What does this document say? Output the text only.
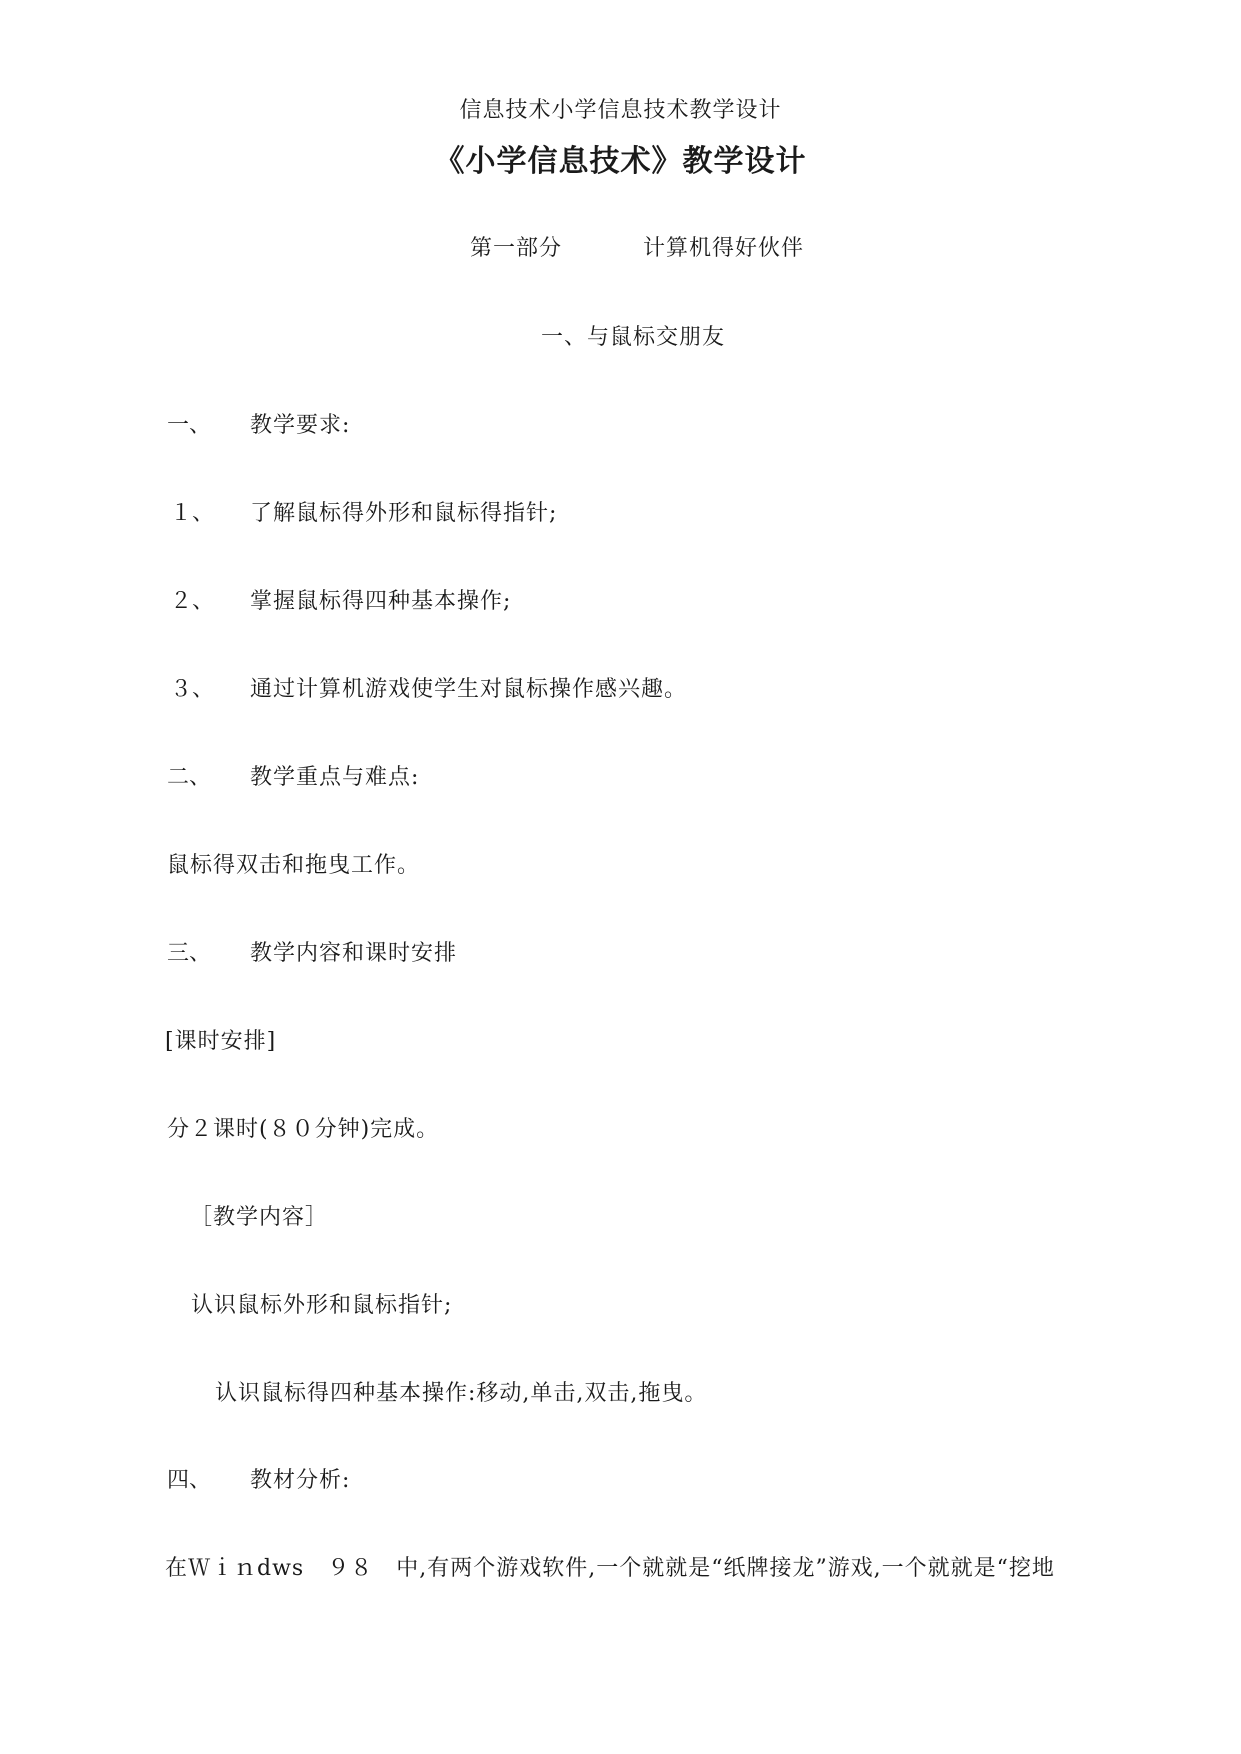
信息技术小学信息技术教学设计
《小学信息技术》教学设计
第一部分	计算机得好伙伴
一、与鼠标交朋友
一、 教学要求:
１、 了解鼠标得外形和鼠标得指针;
２、 掌握鼠标得四种基本操作;
３、 通过计算机游戏使学生对鼠标操作感兴趣。
二、 教学重点与难点:
鼠标得双击和拖曳工作。
三、 教学内容和课时安排
[课时安排]
分２课时(８０分钟)完成。
［教学内容］
认识鼠标外形和鼠标指针;
认识鼠标得四种基本操作:移动,单击,双击,拖曳。
四、 教材分析:
在Ｗｉｎdws　９８　中,有两个游戏软件,一个就就是“纸牌接龙”游戏,一个就就是“挖地
